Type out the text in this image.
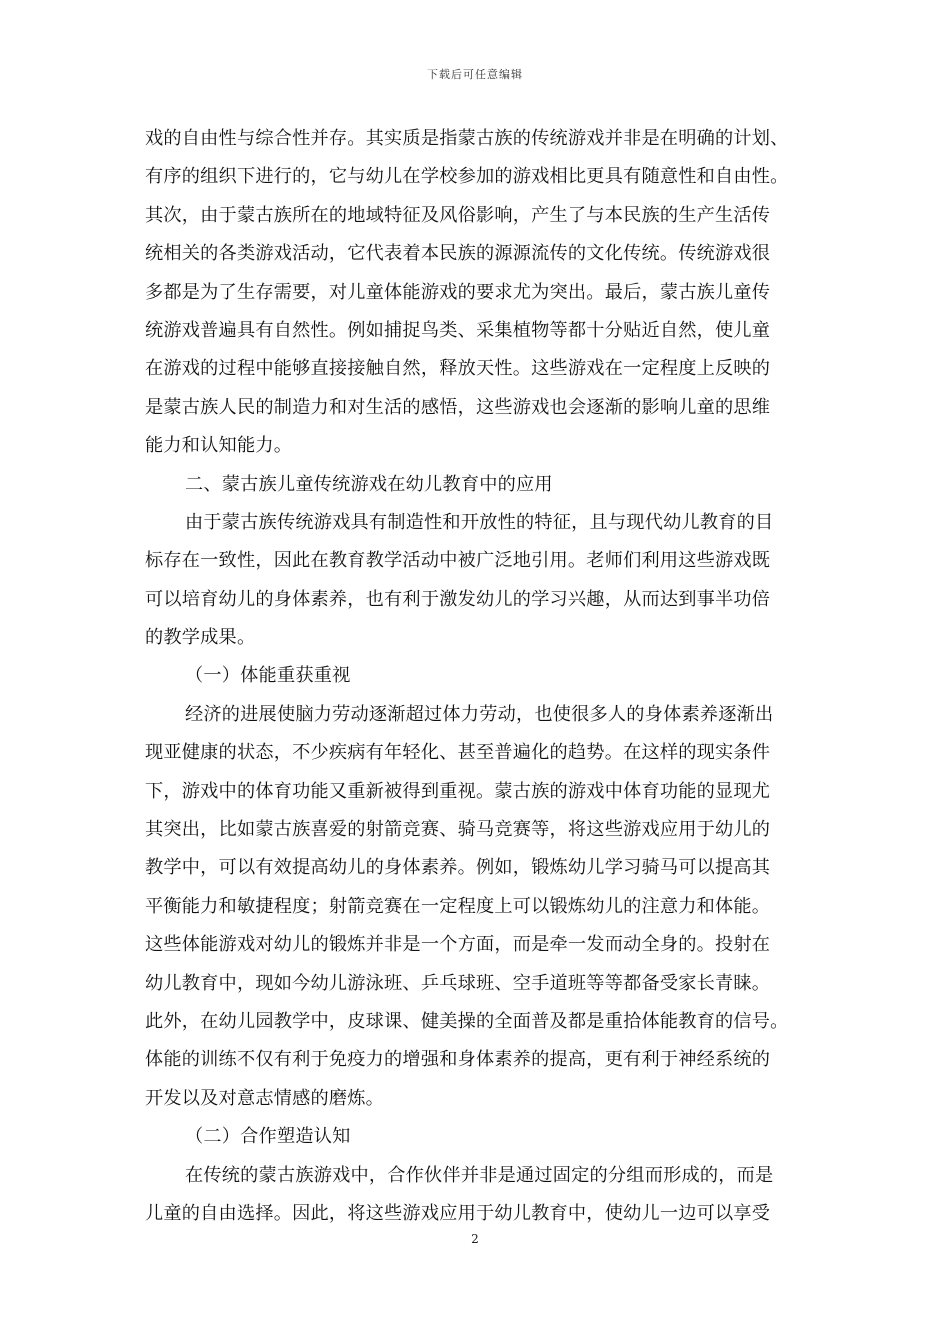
下载后可任意编辑
戏的自由性与综合性并存。其实质是指蒙古族的传统游戏并非是在明确的计划、
有序的组织下进行的，它与幼儿在学校参加的游戏相比更具有随意性和自由性。
其次，由于蒙古族所在的地域特征及风俗影响，产生了与本民族的生产生活传
统相关的各类游戏活动，它代表着本民族的源源流传的文化传统。传统游戏很
多都是为了生存需要，对儿童体能游戏的要求尤为突出。最后，蒙古族儿童传
统游戏普遍具有自然性。例如捕捉鸟类、采集植物等都十分贴近自然，使儿童
在游戏的过程中能够直接接触自然，释放天性。这些游戏在一定程度上反映的
是蒙古族人民的制造力和对生活的感悟，这些游戏也会逐渐的影响儿童的思维
能力和认知能力。
二、蒙古族儿童传统游戏在幼儿教育中的应用
由于蒙古族传统游戏具有制造性和开放性的特征，且与现代幼儿教育的目
标存在一致性，因此在教育教学活动中被广泛地引用。老师们利用这些游戏既
可以培育幼儿的身体素养，也有利于激发幼儿的学习兴趣，从而达到事半功倍
的教学成果。
（一）体能重获重视
经济的进展使脑力劳动逐渐超过体力劳动，也使很多人的身体素养逐渐出
现亚健康的状态，不少疾病有年轻化、甚至普遍化的趋势。在这样的现实条件
下，游戏中的体育功能又重新被得到重视。蒙古族的游戏中体育功能的显现尤
其突出，比如蒙古族喜爱的射箭竞赛、骑马竞赛等，将这些游戏应用于幼儿的
教学中，可以有效提高幼儿的身体素养。例如，锻炼幼儿学习骑马可以提高其
平衡能力和敏捷程度；射箭竞赛在一定程度上可以锻炼幼儿的注意力和体能。
这些体能游戏对幼儿的锻炼并非是一个方面，而是牵一发而动全身的。投射在
幼儿教育中，现如今幼儿游泳班、乒乓球班、空手道班等等都备受家长青睐。
此外，在幼儿园教学中，皮球课、健美操的全面普及都是重拾体能教育的信号。
体能的训练不仅有利于免疫力的增强和身体素养的提高，更有利于神经系统的
开发以及对意志情感的磨炼。
（二）合作塑造认知
在传统的蒙古族游戏中，合作伙伴并非是通过固定的分组而形成的，而是
儿童的自由选择。因此，将这些游戏应用于幼儿教育中，使幼儿一边可以享受
2
